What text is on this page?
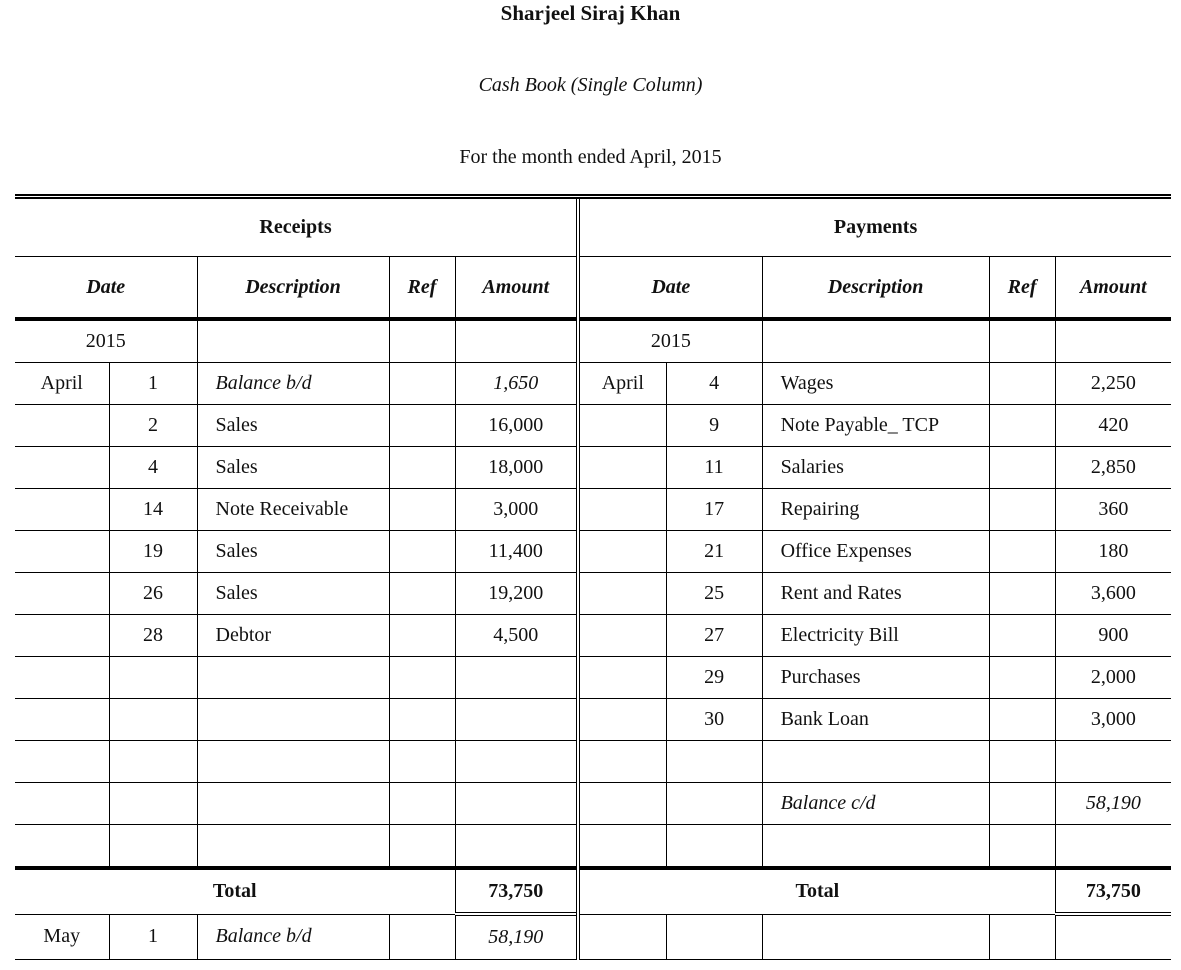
Sharjeel Siraj Khan
Cash Book (Single Column)
For the month ended April, 2015
Receipts					Payments				
Date		Description	Ref	Amount	Date		Description	Ref	Amount
2015					2015				
April	1	Balance b/d		1,650	April	4	Wages		2,250
	2	Sales		16,000		9	Note Payable_ TCP		420
	4	Sales		18,000		11	Salaries		2,850
	14	Note Receivable		3,000		17	Repairing		360
	19	Sales		11,400		21	Office Expenses		180
	26	Sales		19,200		25	Rent and Rates		3,600
	28	Debtor		4,500		27	Electricity Bill		900
						29	Purchases		2,000
						30	Bank Loan		3,000

							Balance c/d		58,190

Total				73,750	Total				73,750
May	1	Balance b/d		58,190					
